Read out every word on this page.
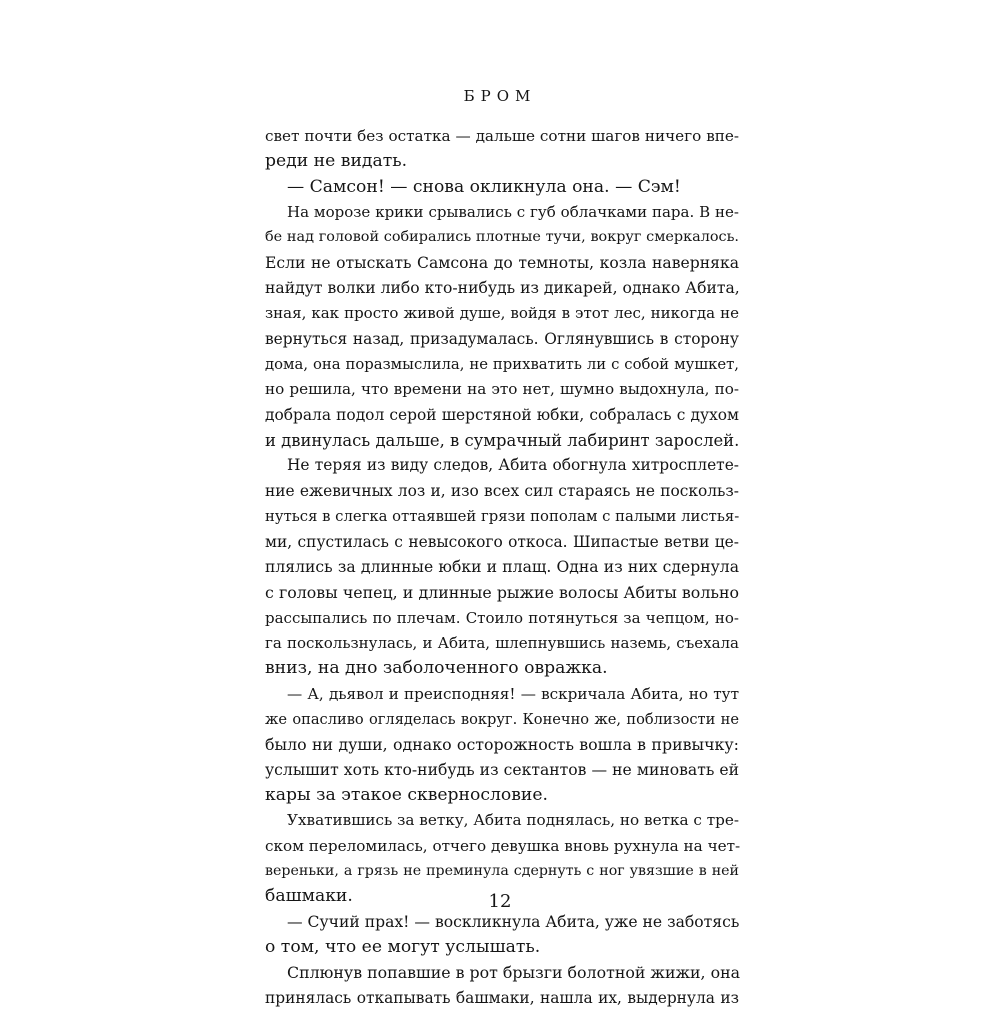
БРОМ
свет почти без остатка — дальше сотни шагов ничего впе-
реди не видать.
— Самсон! — снова окликнула она. — Сэм!
На морозе крики срывались с губ облачками пара. В не-
бе над головой собирались плотные тучи, вокруг смеркалось.
Если не отыскать Самсона до темноты, козла наверняка
найдут волки либо кто-нибудь из дикарей, однако Абита,
зная, как просто живой душе, войдя в этот лес, никогда не
вернуться назад, призадумалась. Оглянувшись в сторону
дома, она поразмыслила, не прихватить ли с собой мушкет,
но решила, что времени на это нет, шумно выдохнула, по-
добрала подол серой шерстяной юбки, собралась с духом
и двинулась дальше, в сумрачный лабиринт зарослей.
Не теряя из виду следов, Абита обогнула хитросплете-
ние ежевичных лоз и, изо всех сил стараясь не поскольз-
нуться в слегка оттаявшей грязи пополам с палыми листья-
ми, спустилась с невысокого откоса. Шипастые ветви це-
плялись за длинные юбки и плащ. Одна из них сдернула
с головы чепец, и длинные рыжие волосы Абиты вольно
рассыпались по плечам. Стоило потянуться за чепцом, но-
га поскользнулась, и Абита, шлепнувшись наземь, съехала
вниз, на дно заболоченного овражка.
— А, дьявол и преисподняя! — вскричала Абита, но тут
же опасливо огляделась вокруг. Конечно же, поблизости не
было ни души, однако осторожность вошла в привычку:
услышит хоть кто-нибудь из сектантов — не миновать ей
кары за этакое сквернословие.
Ухватившись за ветку, Абита поднялась, но ветка с тре-
ском переломилась, отчего девушка вновь рухнула на чет-
вереньки, а грязь не преминула сдернуть с ног увязшие в ней
башмаки.
— Сучий прах! — воскликнула Абита, уже не заботясь
о том, что ее могут услышать.
Сплюнув попавшие в рот брызги болотной жижи, она
принялась откапывать башмаки, нашла их, выдернула из
12
